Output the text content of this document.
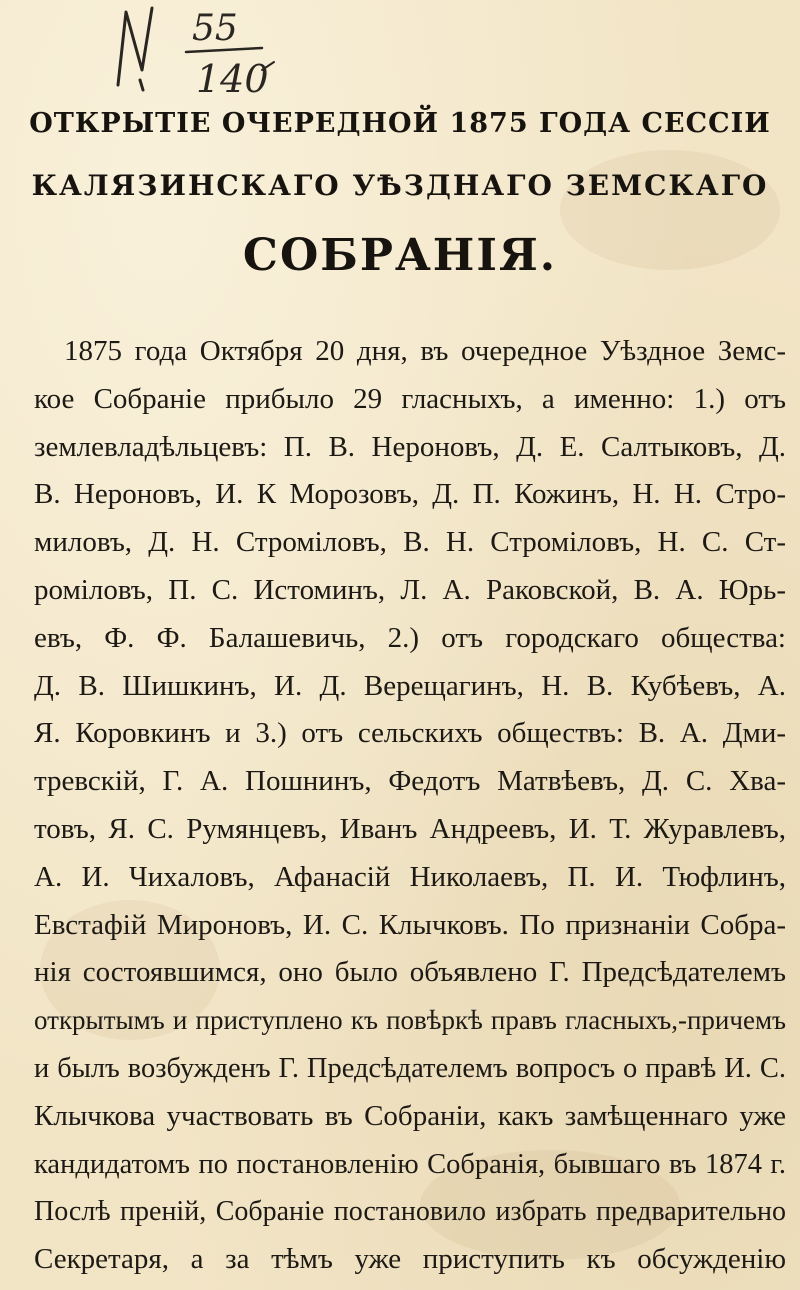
55
140
ОТКРЫТІЕ ОЧЕРЕДНОЙ 1875 ГОДА СЕССІИ
КАЛЯЗИНСКАГО УѢЗДНАГО ЗЕМСКАГО
СОБРАНІЯ.
1875 года Октября 20 дня, въ очередное Уѣздное Земс-
кое Собраніе прибыло 29 гласныхъ, а именно: 1.) отъ
землевладѣльцевъ: П. В. Нероновъ, Д. Е. Салтыковъ, Д.
В. Нероновъ, И. К Морозовъ, Д. П. Кожинъ, Н. Н. Стро-
миловъ, Д. Н. Строміловъ, В. Н. Строміловъ, Н. С. Ст-
роміловъ, П. С. Истоминъ, Л. А. Раковской, В. А. Юрь-
евъ, Ф. Ф. Балашевичь, 2.) отъ городскаго общества:
Д. В. Шишкинъ, И. Д. Верещагинъ, Н. В. Кубѣевъ, А.
Я. Коровкинъ и 3.) отъ сельскихъ обществъ: В. А. Дми-
тревскій, Г. А. Пошнинъ, Федотъ Матвѣевъ, Д. С. Хва-
товъ, Я. С. Румянцевъ, Иванъ Андреевъ, И. Т. Журавлевъ,
А. И. Чихаловъ, Афанасій Николаевъ, П. И. Тюфлинъ,
Евстафій Мироновъ, И. С. Клычковъ. По признаніи Собра-
нія состоявшимся, оно было объявлено Г. Предсѣдателемъ
открытымъ и приступлено къ повѣркѣ правъ гласныхъ,-причемъ
и былъ возбужденъ Г. Предсѣдателемъ вопросъ о правѣ И. С.
Клычкова участвовать въ Собраніи, какъ замѣщеннаго уже
кандидатомъ по постановленію Собранія, бывшаго въ 1874 г.
Послѣ преній, Собраніе постановило избрать предварительно
Секретаря, а за тѣмъ уже приступить къ обсужденію
